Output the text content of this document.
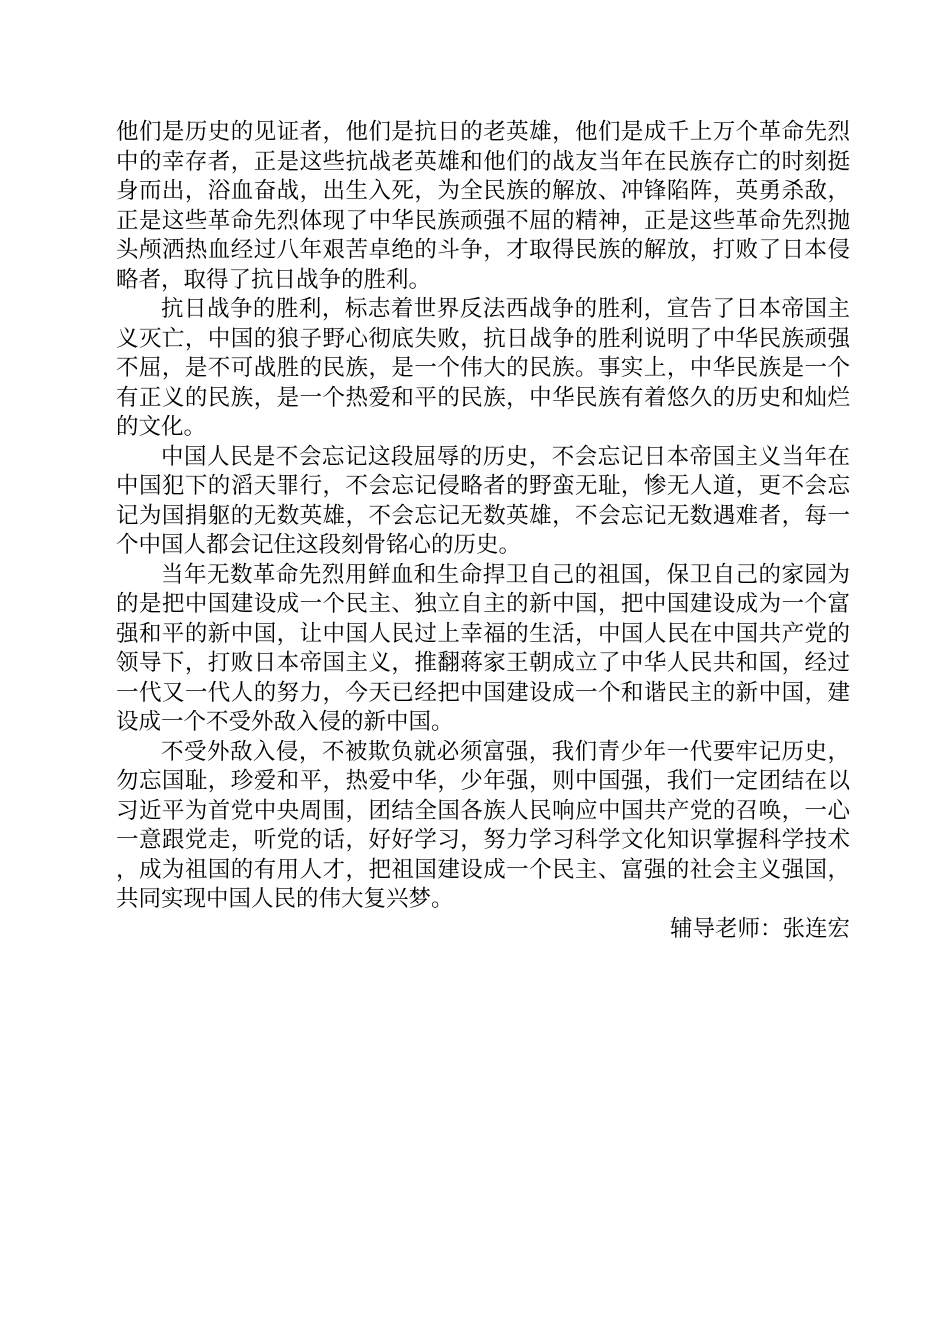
他们是历史的见证者，他们是抗日的老英雄，他们是成千上万个革命先烈中的幸存者，正是这些抗战老英雄和他们的战友当年在民族存亡的时刻挺身而出，浴血奋战，出生入死，为全民族的解放、冲锋陷阵，英勇杀敌，正是这些革命先烈体现了中华民族顽强不屈的精神，正是这些革命先烈抛头颅洒热血经过八年艰苦卓绝的斗争，才取得民族的解放，打败了日本侵略者，取得了抗日战争的胜利。

抗日战争的胜利，标志着世界反法西战争的胜利，宣告了日本帝国主义灭亡，中国的狼子野心彻底失败，抗日战争的胜利说明了中华民族顽强不屈，是不可战胜的民族，是一个伟大的民族。事实上，中华民族是一个有正义的民族，是一个热爱和平的民族，中华民族有着悠久的历史和灿烂的文化。

中国人民是不会忘记这段屈辱的历史，不会忘记日本帝国主义当年在中国犯下的滔天罪行，不会忘记侵略者的野蛮无耻，惨无人道，更不会忘记为国捐躯的无数英雄，不会忘记无数英雄，不会忘记无数遇难者，每一个中国人都会记住这段刻骨铭心的历史。

当年无数革命先烈用鲜血和生命捍卫自己的祖国，保卫自己的家园为的是把中国建设成一个民主、独立自主的新中国，把中国建设成为一个富强和平的新中国，让中国人民过上幸福的生活，中国人民在中国共产党的领导下，打败日本帝国主义，推翻蒋家王朝成立了中华人民共和国，经过一代又一代人的努力，今天已经把中国建设成一个和谐民主的新中国，建设成一个不受外敌入侵的新中国。

不受外敌入侵，不被欺负就必须富强，我们青少年一代要牢记历史，勿忘国耻，珍爱和平，热爱中华，少年强，则中国强，我们一定团结在以习近平为首党中央周围，团结全国各族人民响应中国共产党的召唤，一心一意跟党走，听党的话，好好学习，努力学习科学文化知识掌握科学技术，成为祖国的有用人才，把祖国建设成一个民主、富强的社会主义强国，共同实现中国人民的伟大复兴梦。

辅导老师：张连宏
